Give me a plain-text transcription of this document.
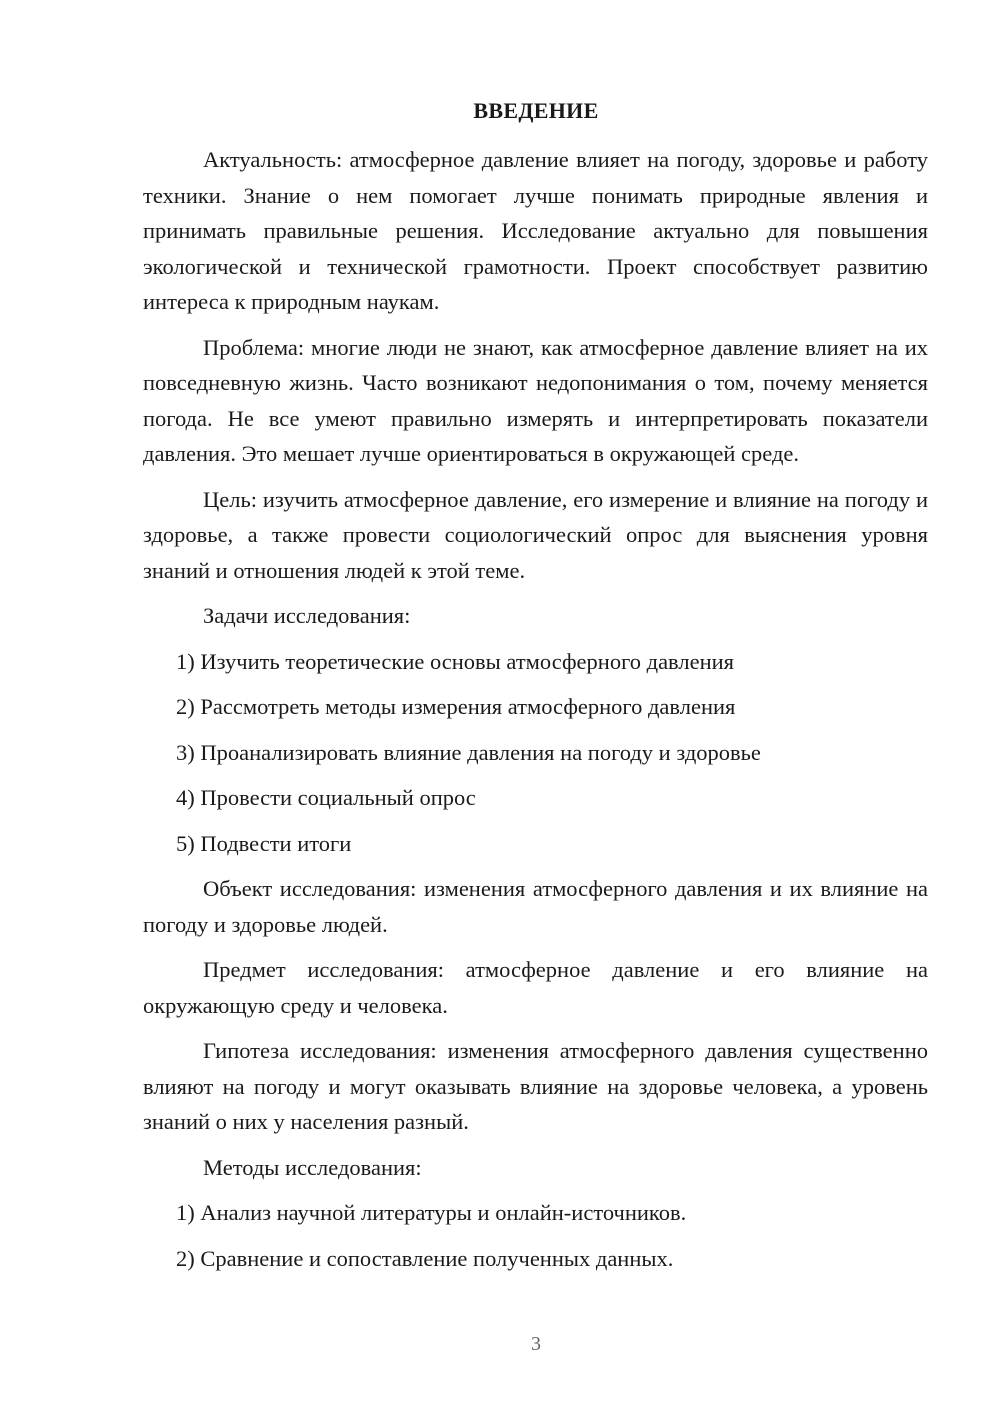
ВВЕДЕНИЕ

Актуальность: атмосферное давление влияет на погоду, здоровье и работу техники. Знание о нем помогает лучше понимать природные явления и принимать правильные решения. Исследование актуально для повышения экологической и технической грамотности. Проект способствует развитию интереса к природным наукам.

Проблема: многие люди не знают, как атмосферное давление влияет на их повседневную жизнь. Часто возникают недопонимания о том, почему меняется погода. Не все умеют правильно измерять и интерпретировать показатели давления. Это мешает лучше ориентироваться в окружающей среде.

Цель: изучить атмосферное давление, его измерение и влияние на погоду и здоровье, а также провести социологический опрос для выяснения уровня знаний и отношения людей к этой теме.

Задачи исследования:

1) Изучить теоретические основы атмосферного давления

2) Рассмотреть методы измерения атмосферного давления

3) Проанализировать влияние давления на погоду и здоровье

4) Провести социальный опрос

5) Подвести итоги

Объект исследования: изменения атмосферного давления и их влияние на погоду и здоровье людей.

Предмет исследования: атмосферное давление и его влияние на окружающую среду и человека.

Гипотеза исследования: изменения атмосферного давления существенно влияют на погоду и могут оказывать влияние на здоровье человека, а уровень знаний о них у населения разный.

Методы исследования:

1) Анализ научной литературы и онлайн-источников.

2) Сравнение и сопоставление полученных данных.

3
